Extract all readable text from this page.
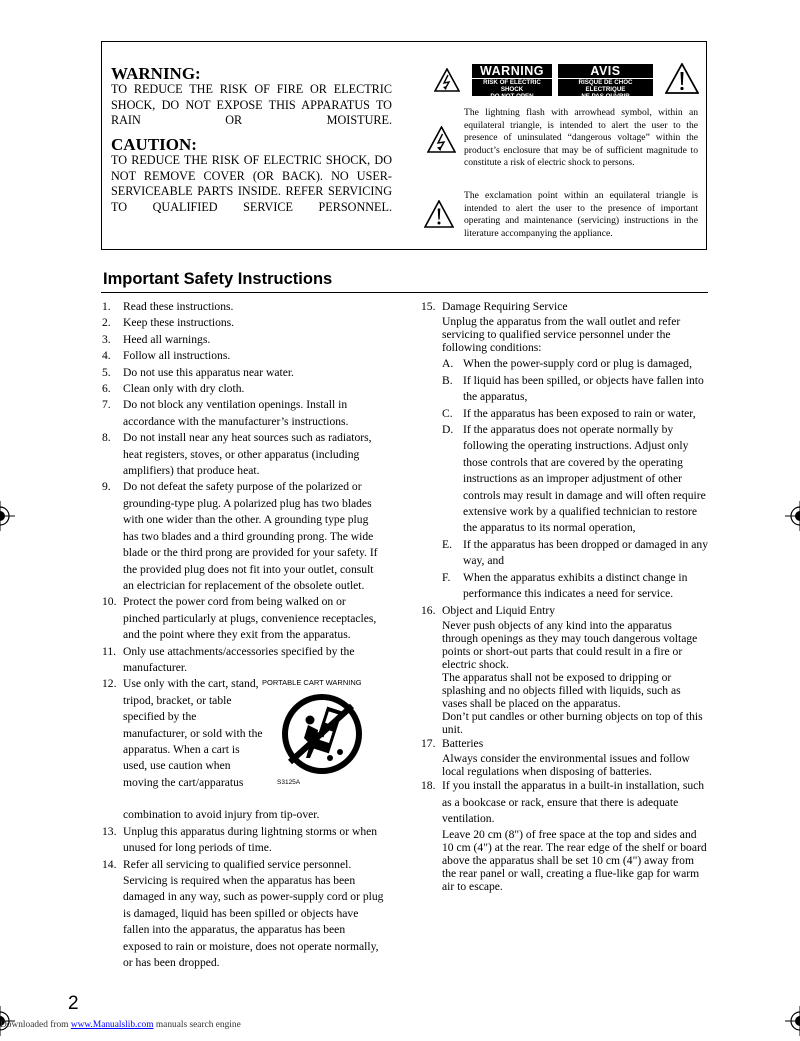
WARNING:
TO REDUCE THE RISK OF FIRE OR ELECTRIC SHOCK, DO NOT EXPOSE THIS APPARATUS TO RAIN OR MOISTURE.
CAUTION:
TO REDUCE THE RISK OF ELECTRIC SHOCK, DO NOT REMOVE COVER (OR BACK). NO USER-SERVICEABLE PARTS INSIDE. REFER SERVICING TO QUALIFIED SERVICE PERSONNEL.
WARNING
RISK OF ELECTRIC SHOCK
DO NOT OPEN
AVIS
RISQUE DE CHOC ELECTRIQUE
NE PAS OUVRIR
The lightning flash with arrowhead symbol, within an equilateral triangle, is intended to alert the user to the presence of uninsulated “dangerous voltage” within the product’s enclosure that may be of sufficient magnitude to constitute a risk of electric shock to persons.
The exclamation point within an equilateral triangle is intended to alert the user to the presence of important operating and maintenance (servicing) instructions in the literature accompanying the appliance.
Important Safety Instructions
1. Read these instructions.
2. Keep these instructions.
3. Heed all warnings.
4. Follow all instructions.
5. Do not use this apparatus near water.
6. Clean only with dry cloth.
7. Do not block any ventilation openings. Install in accordance with the manufacturer’s instructions.
8. Do not install near any heat sources such as radiators, heat registers, stoves, or other apparatus (including amplifiers) that produce heat.
9. Do not defeat the safety purpose of the polarized or grounding-type plug. A polarized plug has two blades with one wider than the other. A grounding type plug has two blades and a third grounding prong. The wide blade or the third prong are provided for your safety. If the provided plug does not fit into your outlet, consult an electrician for replacement of the obsolete outlet.
10. Protect the power cord from being walked on or pinched particularly at plugs, convenience receptacles, and the point where they exit from the apparatus.
11. Only use attachments/accessories specified by the manufacturer.
12. Use only with the cart, stand, tripod, bracket, or table specified by the manufacturer, or sold with the apparatus. When a cart is used, use caution when moving the cart/apparatus
PORTABLE CART WARNING
S3125A
combination to avoid injury from tip-over.
13. Unplug this apparatus during lightning storms or when unused for long periods of time.
14. Refer all servicing to qualified service personnel. Servicing is required when the apparatus has been damaged in any way, such as power-supply cord or plug is damaged, liquid has been spilled or objects have fallen into the apparatus, the apparatus has been exposed to rain or moisture, does not operate normally, or has been dropped.
15. Damage Requiring Service
Unplug the apparatus from the wall outlet and refer servicing to qualified service personnel under the following conditions:
A. When the power-supply cord or plug is damaged,
B. If liquid has been spilled, or objects have fallen into the apparatus,
C. If the apparatus has been exposed to rain or water,
D. If the apparatus does not operate normally by following the operating instructions. Adjust only those controls that are covered by the operating instructions as an improper adjustment of other controls may result in damage and will often require extensive work by a qualified technician to restore the apparatus to its normal operation,
E. If the apparatus has been dropped or damaged in any way, and
F. When the apparatus exhibits a distinct change in performance this indicates a need for service.
16. Object and Liquid Entry
Never push objects of any kind into the apparatus through openings as they may touch dangerous voltage points or short-out parts that could result in a fire or electric shock.
The apparatus shall not be exposed to dripping or splashing and no objects filled with liquids, such as vases shall be placed on the apparatus.
Don’t put candles or other burning objects on top of this unit.
17. Batteries
Always consider the environmental issues and follow local regulations when disposing of batteries.
18. If you install the apparatus in a built-in installation, such as a bookcase or rack, ensure that there is adequate ventilation.
Leave 20 cm (8") of free space at the top and sides and 10 cm (4") at the rear. The rear edge of the shelf or board above the apparatus shall be set 10 cm (4") away from the rear panel or wall, creating a flue-like gap for warm air to escape.
2
Downloaded from www.Manualslib.com manuals search engine
